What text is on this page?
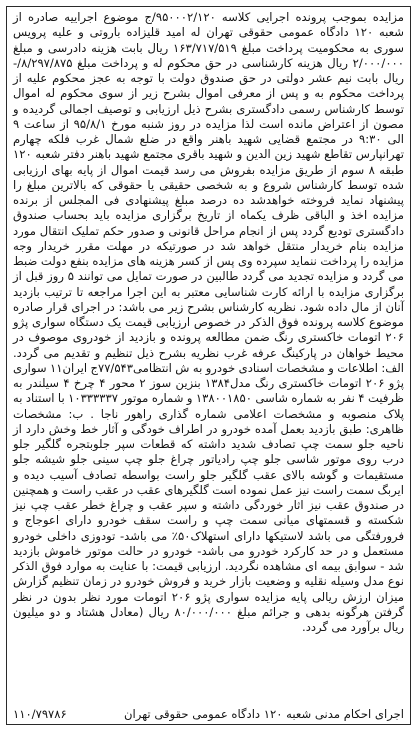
مزایده بموجب پرونده اجرایی کلاسه ۹۵۰۰۰۲/۱۲۰/ج موضوع اجراییه صادره از شعبه ۱۲۰ دادگاه عمومی حقوقی تهران له امید قلیزاده باروتی و علیه پرویس سوری به محکومیت پرداخت مبلغ ۱۶۳/۷۱۷/۵۱۹ ریال بابت هزینه دادرسی و مبلغ ۲/۰۰۰/۰۰۰ ریال هزینه کارشناسی در حق محکوم له و پرداخت مبلغ ۸/۲۹۷/۸۷۵/- ریال بابت نیم عشر دولتی در حق صندوق دولت با توجه به عجز محکوم علیه از پرداخت محکوم به و پس از معرفی اموال بشرح زیر از سوی محکوم له اموال توسط کارشناس رسمی دادگستری بشرح ذیل ارزیابی و توصیف اجمالی گردیده و مصون از اعتراض مانده است لذا مزایده در روز شنبه مورخ ۹۵/۸/۱ از ساعت ۹ الی ۹:۳۰ در مجتمع قضایی شهید باهنر واقع در ضلع شمال غرب فلکه چهارم تهرانپارس تقاطع شهید زین الدین و شهید باقری مجتمع شهید باهنر دفتر شعبه ۱۲۰ طبقه ۸ سوم از طریق مزایده بفروش می رسد قیمت اموال از پایه بهای ارزیابی شده توسط کارشناس شروع و به شخصی حقیقی یا حقوقی که بالاترین مبلغ را پیشنهاد نماید فروخته خواهدشد ده درصد مبلغ پیشنهادی فی المجلس از برنده مزایده اخذ و الباقی ظرف یکماه از تاریخ برگزاری مزایده باید بحساب صندوق دادگستری تودیع گردد پس از انجام مراحل قانونی و صدور حکم تملیک انتقال مورد مزایده بنام خریدار منتقل خواهد شد در صورتیکه در مهلت مقرر خریدار وجه مزایده را پرداخت ننماید سپرده وی پس از کسر هزینه های مزایده بنفع دولت ضبط می گردد و مزایده تجدید می گردد طالبین در صورت تمایل می توانند ۵ روز قبل از برگزاری مزایده با ارائه کارت شناسایی معتبر به این اجرا مراجعه تا ترتیب بازدید آنان از مال داده شود. نظریه کارشناس بشرح زیر می باشد: در اجرای قرار صادره موضوع کلاسه پرونده فوق الذکر در خصوص ارزیابی قیمت یک دستگاه سواری پژو ۲۰۶ اتومات خاکستری رنگ ضمن مطالعه پرونده و بازدید از خودروی موصوف در محیط خواهان در پارکینگ عرفه غرب نظریه بشرح ذیل تنظیم و تقدیم می گردد. الف: اطلاعات و مشخصات اسنادی خودرو به ش انتظامی۷۷/۵۴۳ج ایران۱۱ سواری پژو ۲۰۶ اتومات خاکستری رنگ مدل۱۳۸۴ بنزین سوز ۲ محور ۴ چرخ ۴ سیلندر به ظرفیت ۴ نفر به شماره شاسی ۱۳۸۰۰۱۸۵۰ و شماره موتور ۱۰۳۳۳۳۳۷ با استناد به پلاک منصوبه و مشخصات اعلامی شماره گذاری راهور ناجا . ب: مشخصات ظاهری: طبق بازدید بعمل آمده خودرو در اطراف خودگی و آثار خط وخش دارد از ناحیه جلو سمت چپ تصادف شدید داشته که قطعات سپر جلوبتجره گلگیر جلو درب روی موتور شاسی جلو چپ رادیاتور چراغ جلو چپ سینی جلو شیشه جلو مستقیمات و گوشه بالای عقب گلگیر جلو راست بواسطه تصادف آسیب دیده و ایربگ سمت راست نیز عمل نموده است گلگیرهای عقب در عقب راست و همچنین در صندوق عقب نیز اثار خوردگی داشته و سپر عقب و چراغ خطر عقب چپ نیز شکسته و قسمتهای میانی سمت چپ و راست سقف خودرو دارای اعوجاج و فرورفتگی می باشد لاستیکها دارای استهلاک۵۰٪ می باشد- تودوزی داخلی خودرو مستعمل و در حد کارکرد خودرو می باشد- خودرو در حالت موتور خاموش بازدید شد - سوابق بیمه ای مشاهده نگردید. ارزیابی قیمت: با عنایت به موارد فوق الذکر نوع مدل وسیله نقلیه و وضعیت بازار خرید و فروش خودرو در زمان تنظیم گزارش میزان ارزش ریالی پایه مزایده سواری پژو ۲۰۶ اتومات مورد نظر بدون در نظر گرفتن هرگونه بدهی و جرائم مبلغ ۸۰/۰۰۰/۰۰۰ ریال (معادل هشتاد و دو میلیون ریال برآورد می گردد.

۱۱۰/۷۹۷۸۶	اجرای احکام مدنی شعبه ۱۲۰ دادگاه عمومی حقوقی تهران
